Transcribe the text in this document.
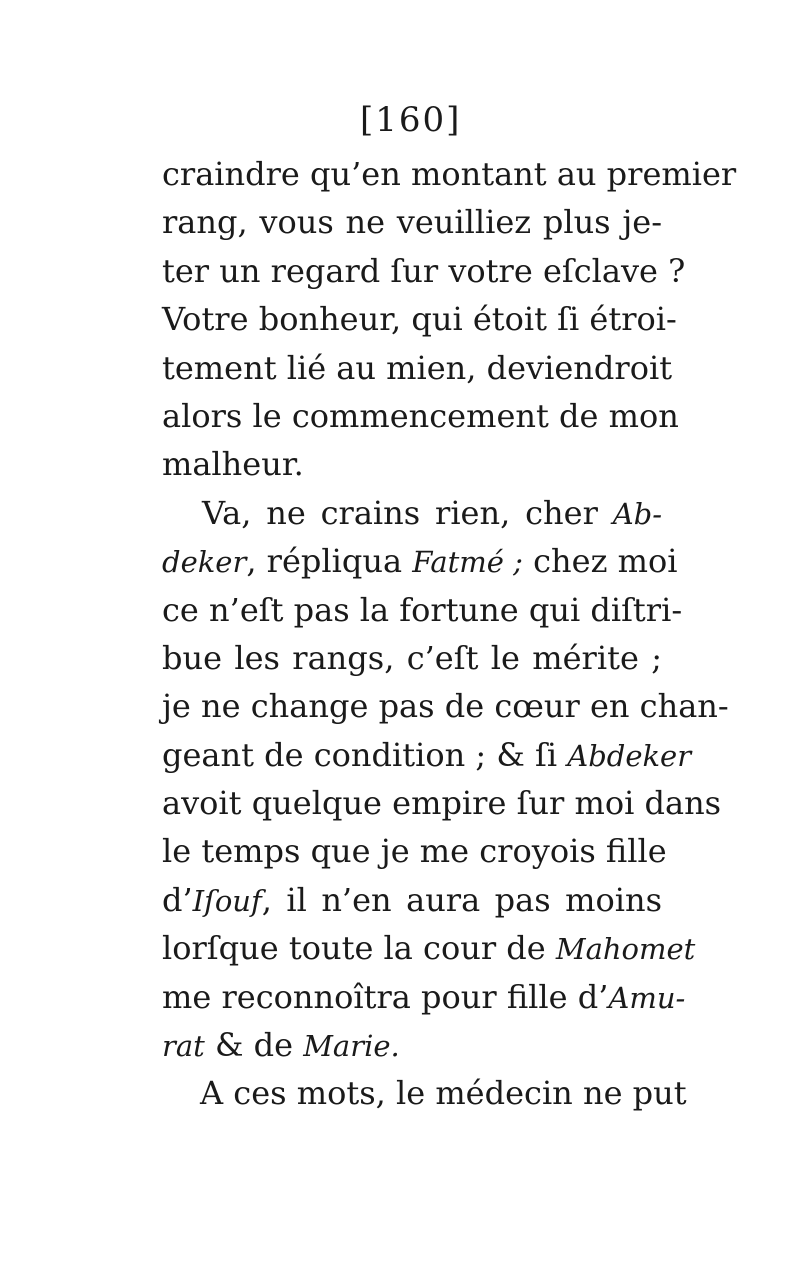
[160]
craindre qu’en montant au premier
rang, vous ne veuilliez plus je-
ter un regard ſur votre eſclave ?
Votre bonheur, qui étoit ſi étroi-
tement lié au mien, deviendroit
alors le commencement de mon
malheur.
Va, ne crains rien, cher Ab-
deker, répliqua Fatmé ; chez moi
ce n’eſt pas la fortune qui diſtri-
bue les rangs, c’eſt le mérite ;
je ne change pas de cœur en chan-
geant de condition ; & ſi Abdeker
avoit quelque empire ſur moi dans
le temps que je me croyois fille
d’Iſouf, il n’en aura pas moins
lorſque toute la cour de Mahomet
me reconnoîtra pour fille d’Amu-
rat & de Marie.
A ces mots, le médecin ne put
